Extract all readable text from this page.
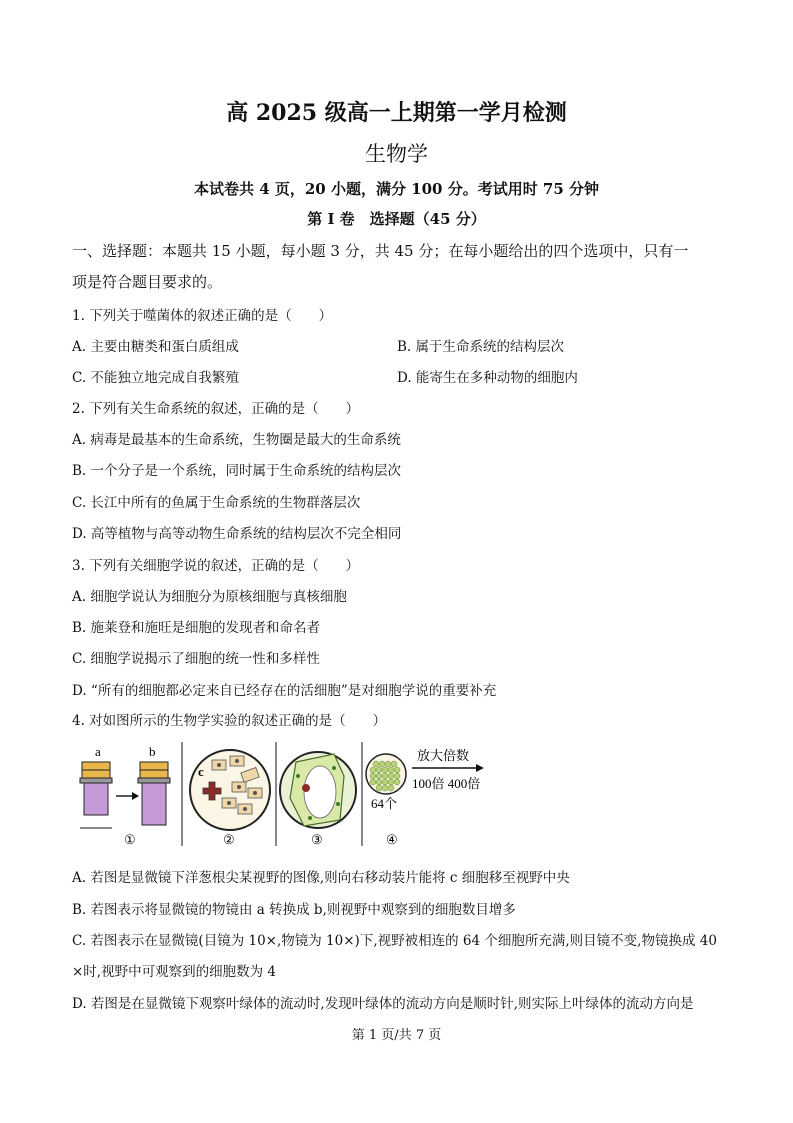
高 2025 级高一上期第一学月检测
生物学
本试卷共 4 页，20 小题，满分 100 分。考试用时 75 分钟
第 I 卷　选择题（45 分）
一、选择题：本题共 15 小题，每小题 3 分，共 45 分；在每小题给出的四个选项中，只有一
项是符合题目要求的。
1. 下列关于噬菌体的叙述正确的是（　　）
A. 主要由糖类和蛋白质组成	B. 属于生命系统的结构层次
C. 不能独立地完成自我繁殖	D. 能寄生在多种动物的细胞内
2. 下列有关生命系统的叙述，正确的是（　　）
A. 病毒是最基本的生命系统，生物圈是最大的生命系统
B. 一个分子是一个系统，同时属于生命系统的结构层次
C. 长江中所有的鱼属于生命系统的生物群落层次
D. 高等植物与高等动物生命系统的结构层次不完全相同
3. 下列有关细胞学说的叙述，正确的是（　　）
A. 细胞学说认为细胞分为原核细胞与真核细胞
B. 施莱登和施旺是细胞的发现者和命名者
C. 细胞学说揭示了细胞的统一性和多样性
D. “所有的细胞都必定来自已经存在的活细胞”是对细胞学说的重要补充
4. 对如图所示的生物学实验的叙述正确的是（　　）
a	b
①
c
②	③
64个
放大倍数
100倍 400倍
④
A. 若图是显微镜下洋葱根尖某视野的图像,则向右移动装片能将 c 细胞移至视野中央
B. 若图表示将显微镜的物镜由 a 转换成 b,则视野中观察到的细胞数目增多
C. 若图表示在显微镜(目镜为 10×,物镜为 10×)下,视野被相连的 64 个细胞所充满,则目镜不变,物镜换成 40
×时,视野中可观察到的细胞数为 4
D. 若图是在显微镜下观察叶绿体的流动时,发现叶绿体的流动方向是顺时针,则实际上叶绿体的流动方向是
第 1 页/共 7 页
